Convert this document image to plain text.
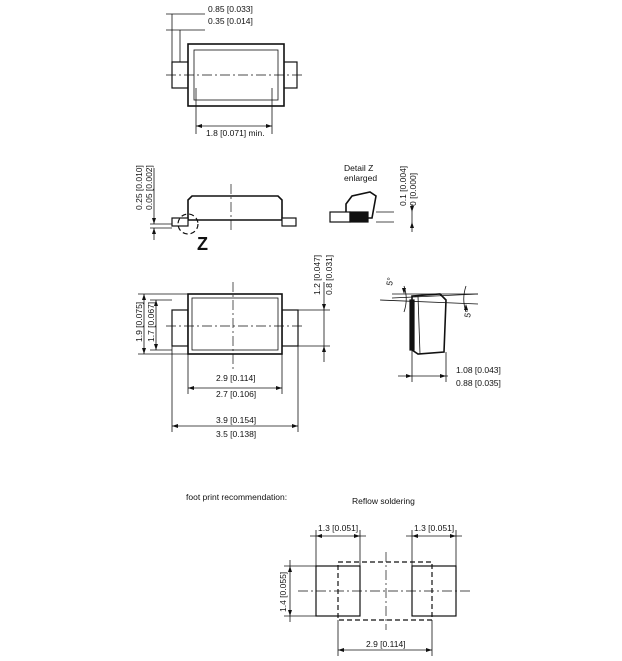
0.85 [0.033]
0.35 [0.014]
1.8 [0.071] min.
0.25 [0.010] 0.05 [0.002]
Z
Detail Z
enlarged 0.1 [0.004] 0 [0.000]
1.9 [0.075] 1.7 [0.067]
1.2 [0.047] 0.8 [0.031]
2.9 [0.114]
2.7 [0.106]
3.9 [0.154]
3.5 [0.138]
5°
5°
1.08 [0.043]
0.88 [0.035]
foot print recommendation:	Reflow soldering
1.3 [0.051]	1.3 [0.051]
1.4 [0.055]
2.9 [0.114]
